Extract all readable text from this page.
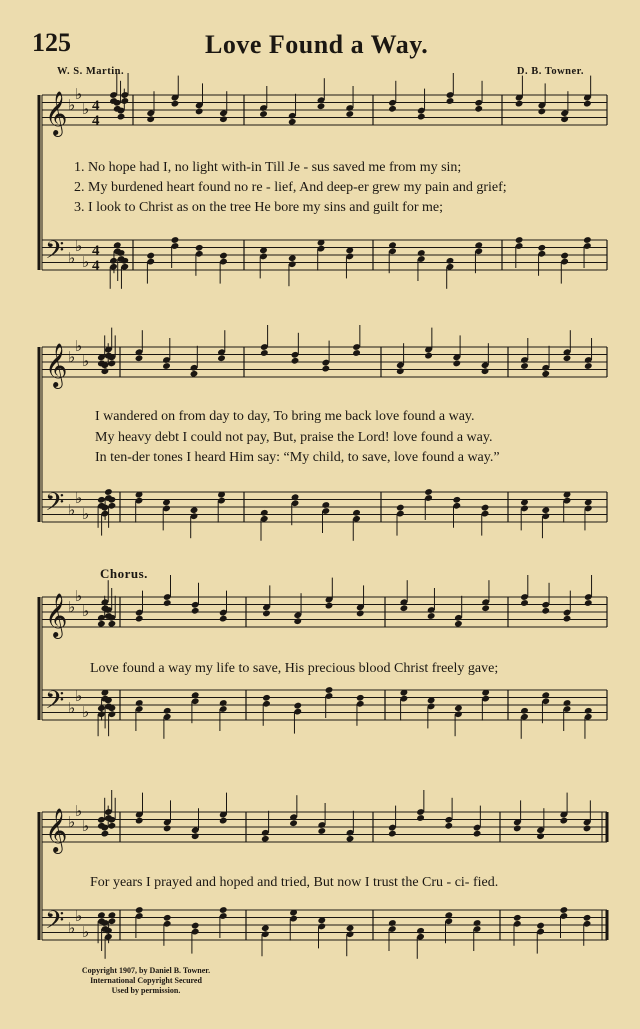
125	Love Found a Way.
W. S. Martin.	D. B. Towner.
𝄞 ♭
♭
♭ 4
4
𝄢 ♭
♭
♭
4
4
𝄞 ♭
♭
♭
𝄢 ♭
♭
♭
𝄞 ♭
♭
♭
𝄢 ♭
♭
♭
𝄞 ♭
♭
♭
𝄢 ♭
♭
♭
1. No hope had I, no light with-in Till Je - sus saved me from my sin;
2. My burdened heart found no re - lief, And deep-er grew my pain and grief;
3. I look to Christ as on the tree He bore my sins and guilt for me;
I wandered on from day to day, To bring me back love found a way.
My heavy debt I could not pay, But, praise the Lord! love found a way.
In ten-der tones I heard Him say: “My child, to save, love found a way.”
Chorus.
Love found a way my life to save, His precious blood Christ freely gave;
For years I prayed and hoped and tried, But now I trust the Cru - ci- fied.
Copyright 1907, by Daniel B. Towner.
International Copyright Secured
Used by permission.
